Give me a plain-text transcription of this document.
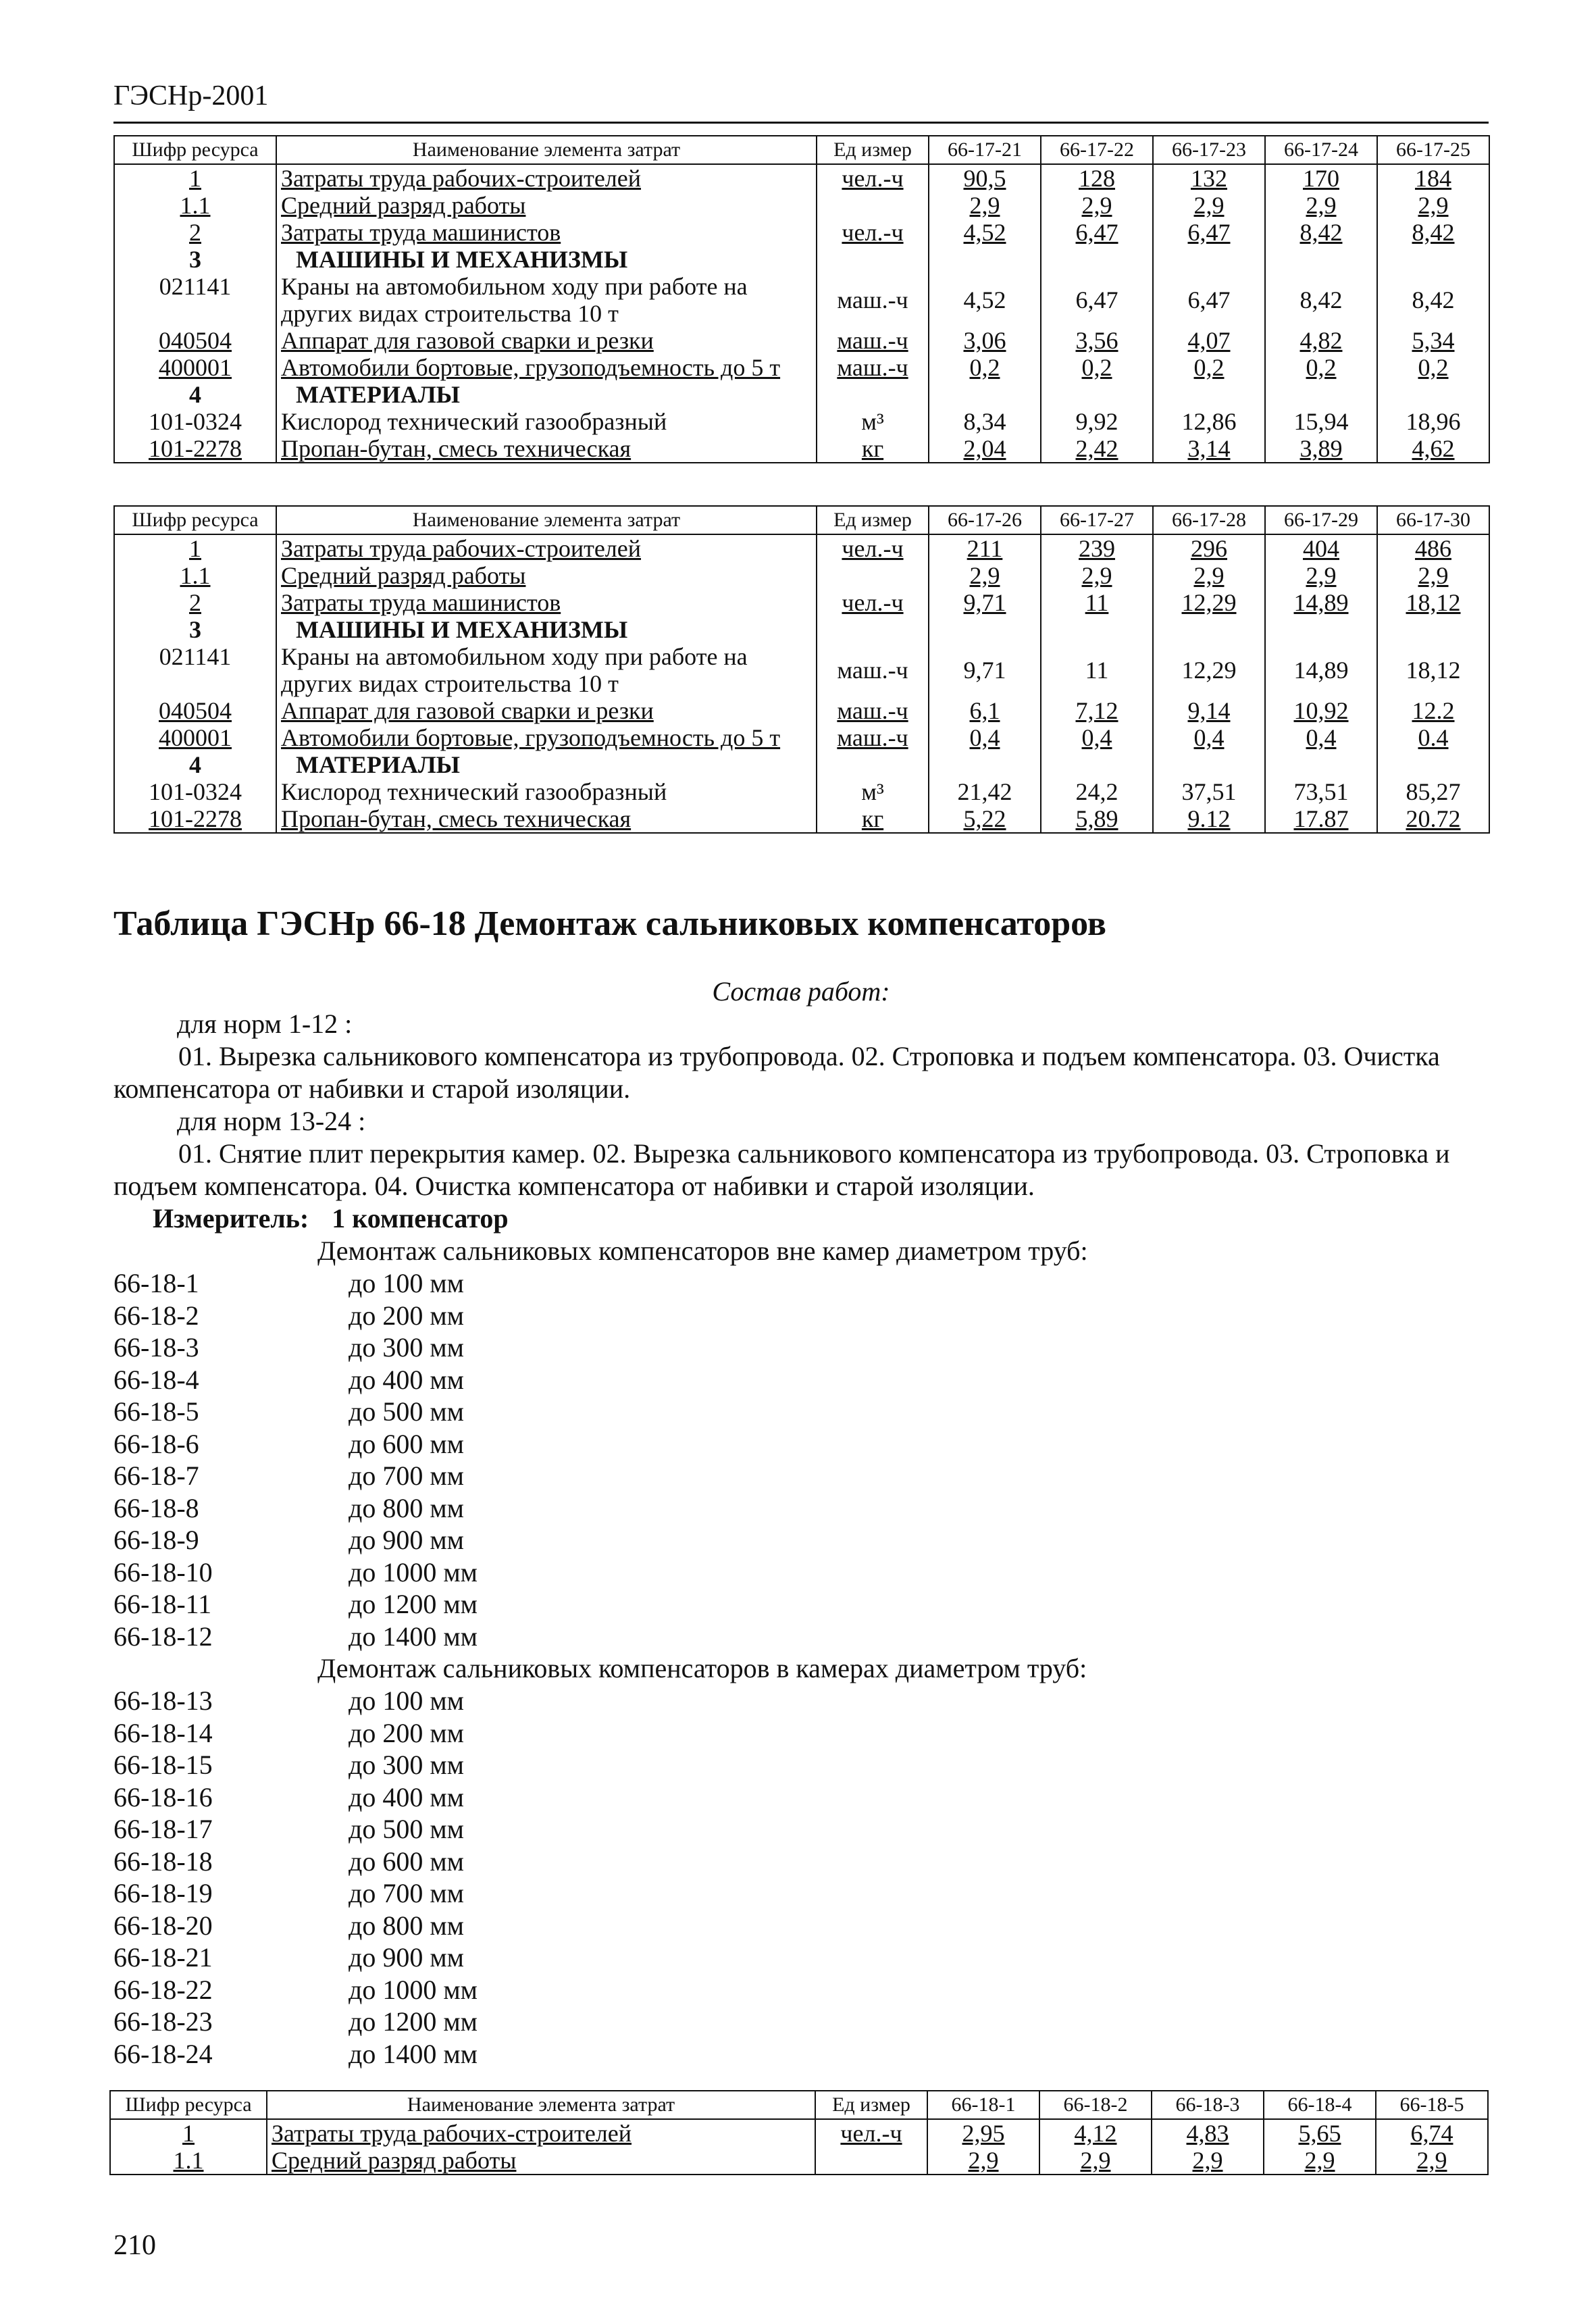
ГЭСНр-2001
Шифр ресурса	Наименование элемента затрат	Ед измер	66-17-21	66-17-22	66-17-23	66-17-24	66-17-25
1	Затраты труда рабочих-строителей	чел.-ч	90,5	128	132	170	184
1.1	Средний разряд работы		2,9	2,9	2,9	2,9	2,9
2	Затраты труда машинистов	чел.-ч	4,52	6,47	6,47	8,42	8,42
3	МАШИНЫ И МЕХАНИЗМЫ						
021141	Краны на автомобильном ходу при работе на других видах строительства 10 т	маш.-ч	4,52	6,47	6,47	8,42	8,42
040504	Аппарат для газовой сварки и резки	маш.-ч	3,06	3,56	4,07	4,82	5,34
400001	Автомобили бортовые, грузоподъемность до 5 т	маш.-ч	0,2	0,2	0,2	0,2	0,2
4	МАТЕРИАЛЫ						
101-0324	Кислород технический газообразный	м³	8,34	9,92	12,86	15,94	18,96
101-2278	Пропан-бутан, смесь техническая	кг	2,04	2,42	3,14	3,89	4,62
Шифр ресурса	Наименование элемента затрат	Ед измер	66-17-26	66-17-27	66-17-28	66-17-29	66-17-30
1	Затраты труда рабочих-строителей	чел.-ч	211	239	296	404	486
1.1	Средний разряд работы		2,9	2,9	2,9	2,9	2,9
2	Затраты труда машинистов	чел.-ч	9,71	11	12,29	14,89	18,12
3	МАШИНЫ И МЕХАНИЗМЫ						
021141	Краны на автомобильном ходу при работе на других видах строительства 10 т	маш.-ч	9,71	11	12,29	14,89	18,12
040504	Аппарат для газовой сварки и резки	маш.-ч	6,1	7,12	9,14	10,92	12.2
400001	Автомобили бортовые, грузоподъемность до 5 т	маш.-ч	0,4	0,4	0,4	0,4	0.4
4	МАТЕРИАЛЫ						
101-0324	Кислород технический газообразный	м³	21,42	24,2	37,51	73,51	85,27
101-2278	Пропан-бутан, смесь техническая	кг	5,22	5,89	9.12	17.87	20.72
Таблица ГЭСНр 66-18 Демонтаж сальниковых компенсаторов
Состав работ:
для норм 1-12 :
01. Вырезка сальникового компенсатора из трубопровода. 02. Строповка и подъем компенсатора. 03. Очистка компенсатора от набивки и старой изоляции.
для норм 13-24 :
01. Снятие плит перекрытия камер. 02. Вырезка сальникового компенсатора из трубопровода. 03. Строповка и подъем компенсатора. 04. Очистка компенсатора от набивки и старой изоляции.
Измеритель: 1 компенсатор
Демонтаж сальниковых компенсаторов вне камер диаметром труб:
66-18-1	до 100 мм
66-18-2	до 200 мм
66-18-3	до 300 мм
66-18-4	до 400 мм
66-18-5	до 500 мм
66-18-6	до 600 мм
66-18-7	до 700 мм
66-18-8	до 800 мм
66-18-9	до 900 мм
66-18-10	до 1000 мм
66-18-11	до 1200 мм
66-18-12	до 1400 мм
Демонтаж сальниковых компенсаторов в камерах диаметром труб:
66-18-13	до 100 мм
66-18-14	до 200 мм
66-18-15	до 300 мм
66-18-16	до 400 мм
66-18-17	до 500 мм
66-18-18	до 600 мм
66-18-19	до 700 мм
66-18-20	до 800 мм
66-18-21	до 900 мм
66-18-22	до 1000 мм
66-18-23	до 1200 мм
66-18-24	до 1400 мм
Шифр ресурса	Наименование элемента затрат	Ед измер	66-18-1	66-18-2	66-18-3	66-18-4	66-18-5
1	Затраты труда рабочих-строителей	чел.-ч	2,95	4,12	4,83	5,65	6,74
1.1	Средний разряд работы		2,9	2,9	2,9	2,9	2,9
210
